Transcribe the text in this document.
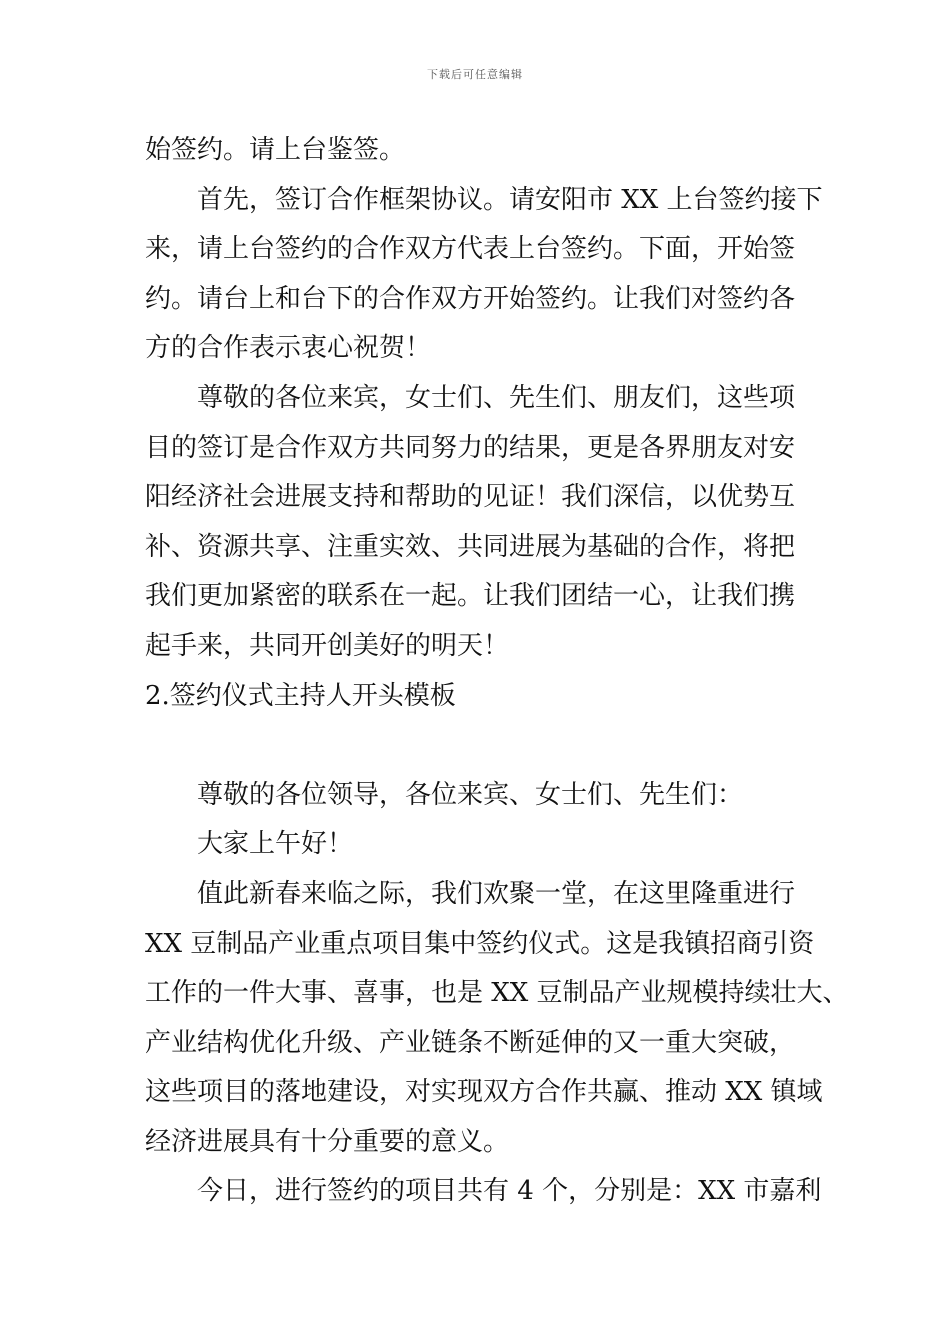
下载后可任意编辑
始签约。请上台鉴签。
首先，签订合作框架协议。请安阳市 XX 上台签约接下
来，请上台签约的合作双方代表上台签约。下面，开始签
约。请台上和台下的合作双方开始签约。让我们对签约各
方的合作表示衷心祝贺！
尊敬的各位来宾，女士们、先生们、朋友们，这些项
目的签订是合作双方共同努力的结果，更是各界朋友对安
阳经济社会进展支持和帮助的见证！我们深信，以优势互
补、资源共享、注重实效、共同进展为基础的合作，将把
我们更加紧密的联系在一起。让我们团结一心，让我们携
起手来，共同开创美好的明天！
2.签约仪式主持人开头模板
尊敬的各位领导，各位来宾、女士们、先生们：
大家上午好！
值此新春来临之际，我们欢聚一堂，在这里隆重进行
XX 豆制品产业重点项目集中签约仪式。这是我镇招商引资
工作的一件大事、喜事，也是 XX 豆制品产业规模持续壮大、
产业结构优化升级、产业链条不断延伸的又一重大突破，
这些项目的落地建设，对实现双方合作共赢、推动 XX 镇域
经济进展具有十分重要的意义。
今日，进行签约的项目共有 4 个，分别是：XX 市嘉利
